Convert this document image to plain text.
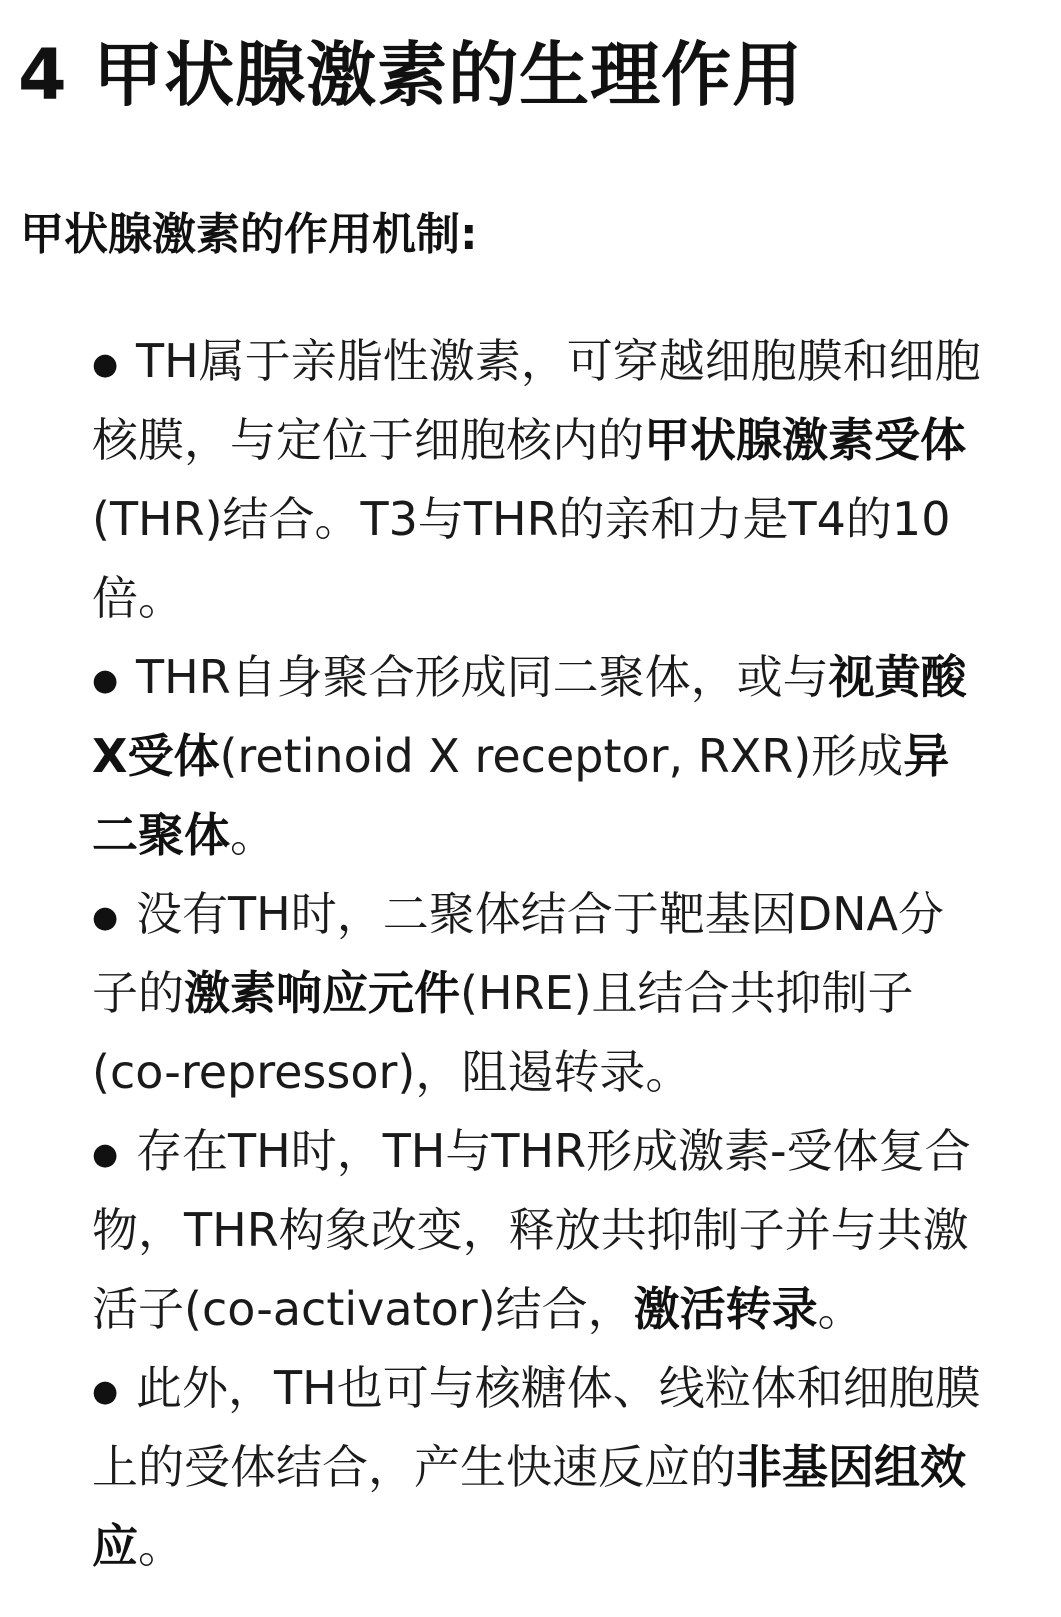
4 甲状腺激素的生理作用
甲状腺激素的作用机制:
● TH属于亲脂性激素，可穿越细胞膜和细胞核膜，与定位于细胞核内的甲状腺激素受体(THR)结合。T3与THR的亲和力是T4的10倍。
● THR自身聚合形成同二聚体，或与视黄酸X受体(retinoid X receptor, RXR)形成异二聚体。
● 没有TH时，二聚体结合于靶基因DNA分子的激素响应元件(HRE)且结合共抑制子(co-repressor)，阻遏转录。
● 存在TH时，TH与THR形成激素-受体复合物，THR构象改变，释放共抑制子并与共激活子(co-activator)结合，激活转录。
● 此外，TH也可与核糖体、线粒体和细胞膜上的受体结合，产生快速反应的非基因组效应。
